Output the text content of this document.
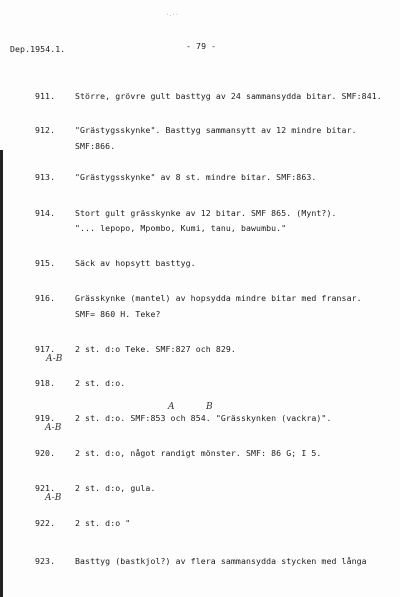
·.··
Dep.1954.1.	- 79 -
911. Större, grövre gult basttyg av 24 sammansydda bitar. SMF:841.
912. "Grästygsskynke". Basttyg sammansytt av 12 mindre bitar.
SMF:866.
913. "Grästygsskynke" av 8 st. mindre bitar. SMF:863.
914. Stort gult grässkynke av 12 bitar. SMF 865. (Mynt?).
"... lepopo, Mpombo, Kumi, tanu, bawumbu."
915. Säck av hopsytt basttyg.
916. Grässkynke (mantel) av hopsydda mindre bitar med fransar.
SMF= 860 H. Teke?
917. 2 st. d:o Teke. SMF:827 och 829.
A-B
918. 2 st. d:o.
A	B
919. 2 st. d:o. SMF:853 och 854. "Grässkynken (vackra)".
A-B
920. 2 st. d:o, något randigt mönster. SMF: 86 G; I 5.
921. 2 st. d:o, gula.
A-B
922. 2 st. d:o "
923. Basttyg (bastkjol?) av flera sammansydda stycken med långa
